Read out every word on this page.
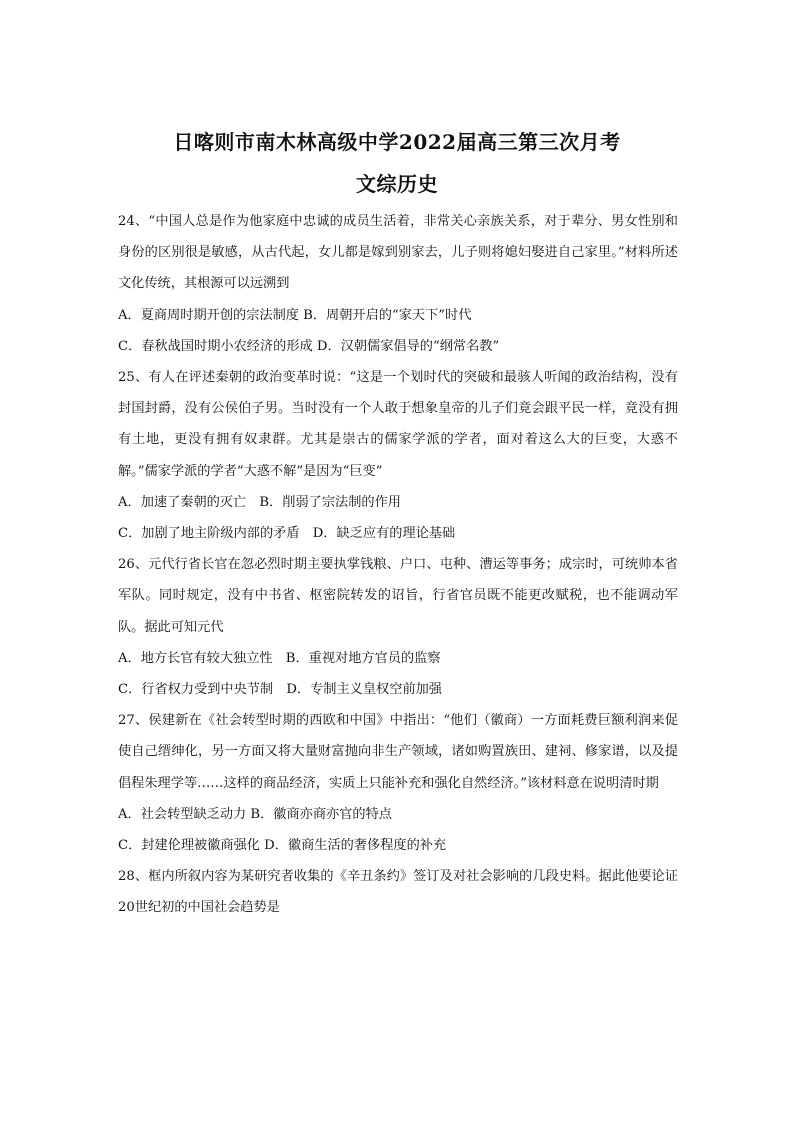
日喀则市南木林高级中学2022届高三第三次月考
文综历史

24、“中国人总是作为他家庭中忠诚的成员生活着，非常关心亲族关系，对于辈分、男女性别和身份的区别很是敏感，从古代起，女儿都是嫁到别家去，儿子则将媳妇娶进自己家里。”材料所述文化传统，其根源可以远溯到

A．夏商周时期开创的宗法制度 B．周朝开启的“家天下”时代

C．春秋战国时期小农经济的形成 D．汉朝儒家倡导的“纲常名教”

25、有人在评述秦朝的政治变革时说：“这是一个划时代的突破和最骇人听闻的政治结构，没有封国封爵，没有公侯伯子男。当时没有一个人敢于想象皇帝的儿子们竟会跟平民一样，竟没有拥有土地，更没有拥有奴隶群。尤其是崇古的儒家学派的学者，面对着这么大的巨变，大惑不解。”儒家学派的学者“大惑不解”是因为“巨变”

A．加速了秦朝的灭亡　B．削弱了宗法制的作用

C．加剧了地主阶级内部的矛盾　D．缺乏应有的理论基础

26、元代行省长官在忽必烈时期主要执掌钱粮、户口、屯种、漕运等事务；成宗时，可统帅本省军队。同时规定，没有中书省、枢密院转发的诏旨，行省官员既不能更改赋税，也不能调动军队。据此可知元代

A．地方长官有较大独立性　B．重视对地方官员的监察

C．行省权力受到中央节制　D．专制主义皇权空前加强

27、侯建新在《社会转型时期的西欧和中国》中指出：“他们（徽商）一方面耗费巨额利润来促使自己缙绅化，另一方面又将大量财富抛向非生产领域，诸如购置族田、建祠、修家谱，以及提倡程朱理学等……这样的商品经济，实质上只能补充和强化自然经济。”该材料意在说明清时期

A．社会转型缺乏动力 B．徽商亦商亦官的特点

C．封建伦理被徽商强化 D．徽商生活的奢侈程度的补充

28、框内所叙内容为某研究者收集的《辛丑条约》签订及对社会影响的几段史料。据此他要论证20世纪初的中国社会趋势是
